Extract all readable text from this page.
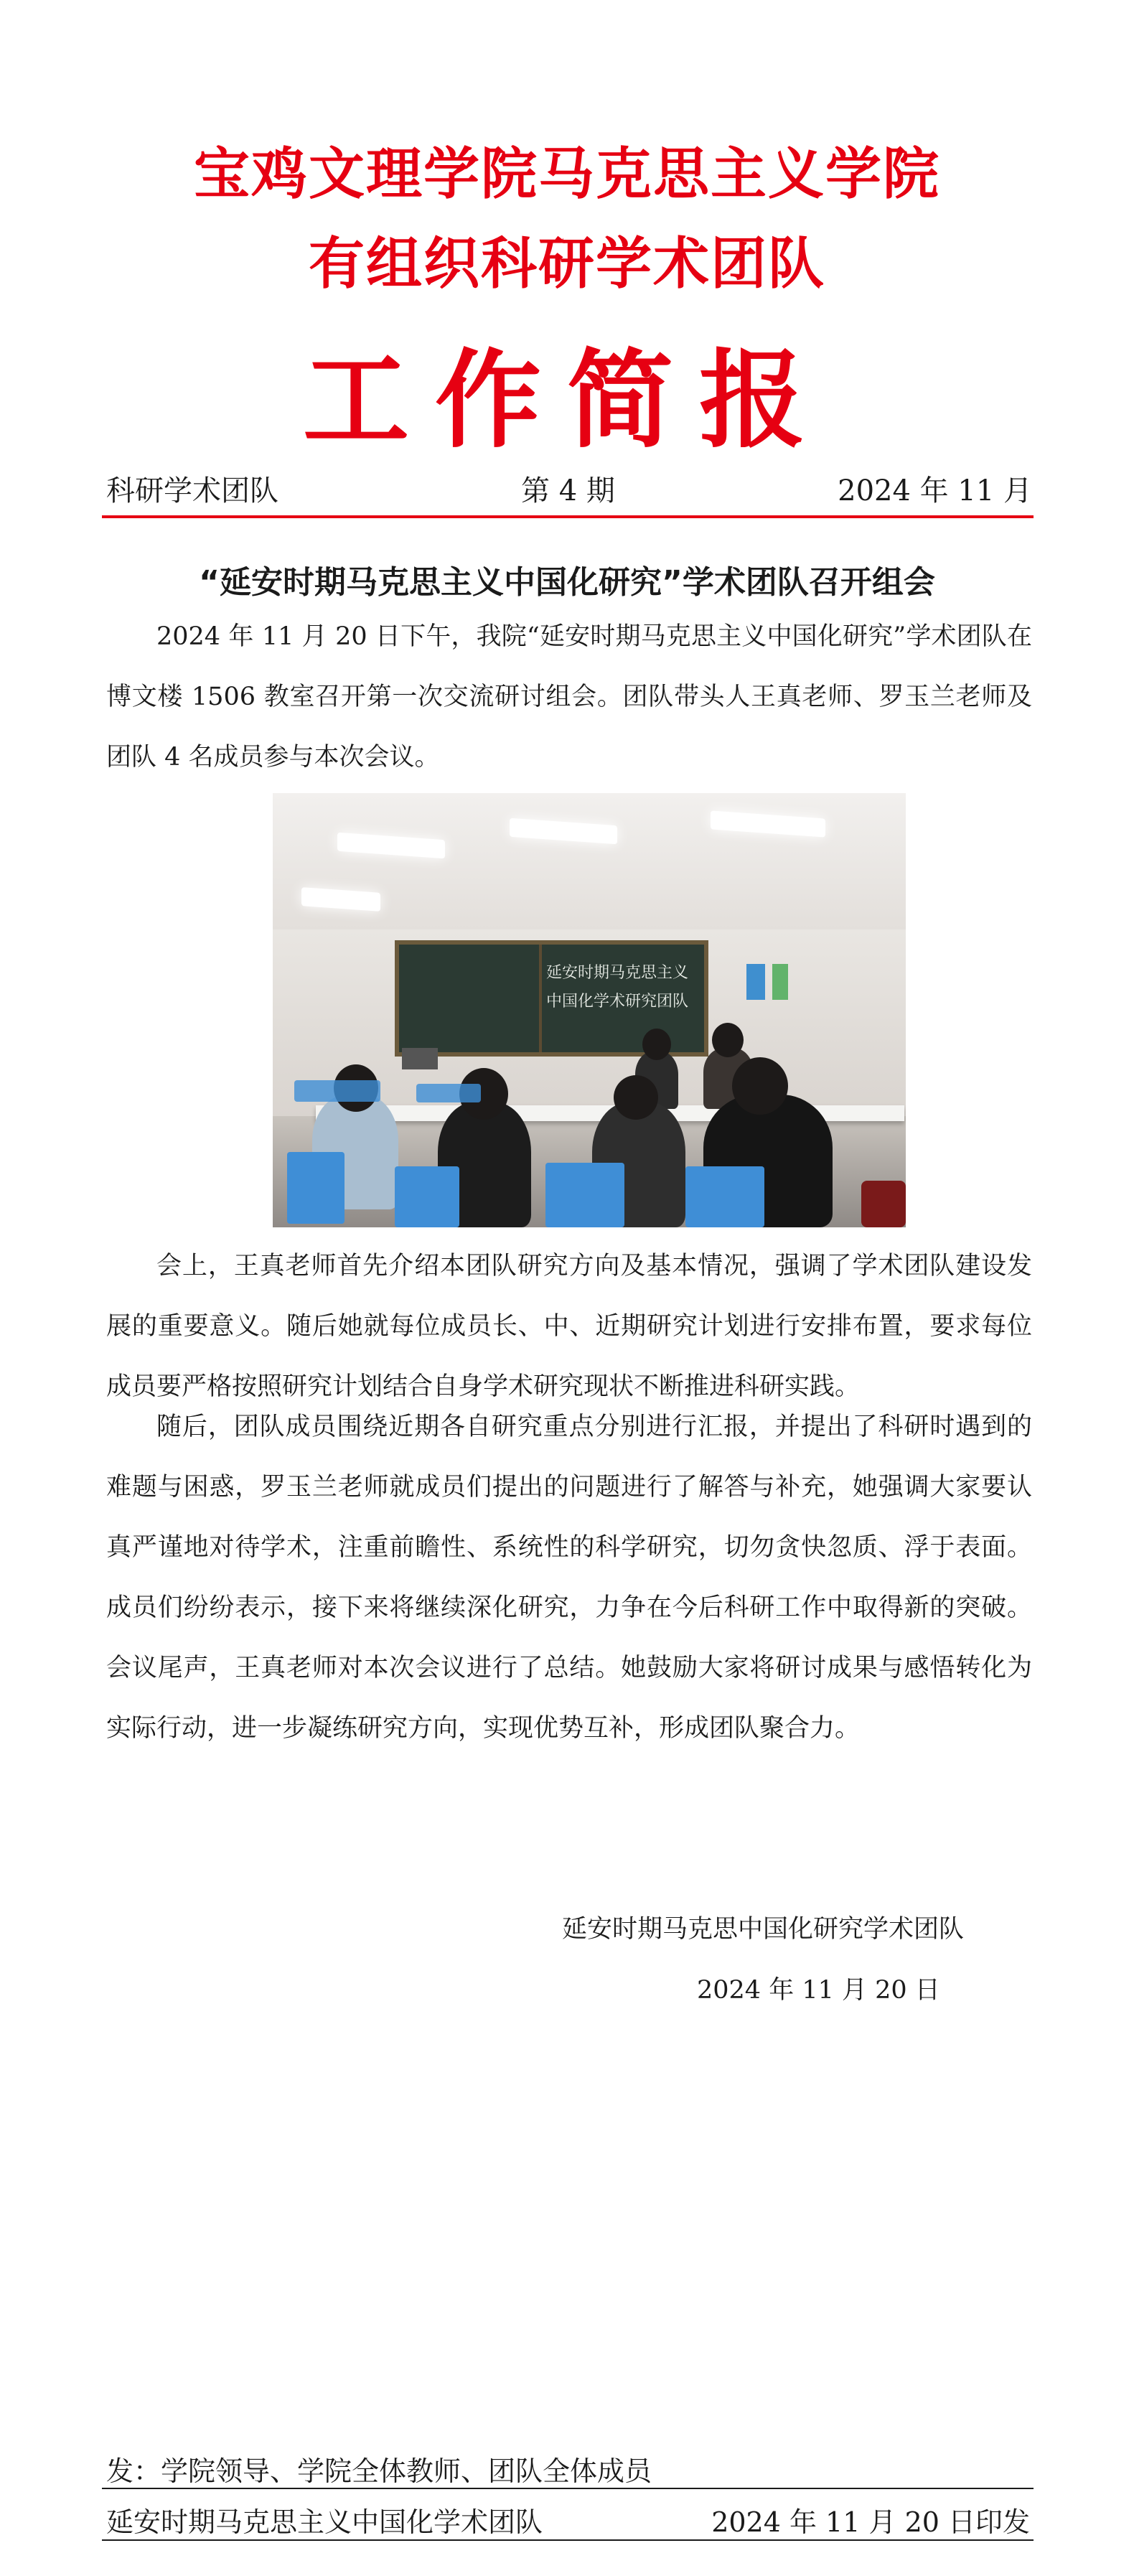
宝鸡文理学院马克思主义学院
有组织科研学术团队
工作简报
科研学术团队	第 4 期	2024 年 11 月
“延安时期马克思主义中国化研究”学术团队召开组会

2024 年 11 月 20 日下午，我院“延安时期马克思主义中国化研究”学术团队在博文楼 1506 教室召开第一次交流研讨组会。团队带头人王真老师、罗玉兰老师及团队 4 名成员参与本次会议。

延安时期马克思主义
中国化学术研究团队

会上，王真老师首先介绍本团队研究方向及基本情况，强调了学术团队建设发展的重要意义。随后她就每位成员长、中、近期研究计划进行安排布置，要求每位成员要严格按照研究计划结合自身学术研究现状不断推进科研实践。

随后，团队成员围绕近期各自研究重点分别进行汇报，并提出了科研时遇到的难题与困惑，罗玉兰老师就成员们提出的问题进行了解答与补充，她强调大家要认真严谨地对待学术，注重前瞻性、系统性的科学研究，切勿贪快忽质、浮于表面。成员们纷纷表示，接下来将继续深化研究，力争在今后科研工作中取得新的突破。会议尾声，王真老师对本次会议进行了总结。她鼓励大家将研讨成果与感悟转化为实际行动，进一步凝练研究方向，实现优势互补，形成团队聚合力。

延安时期马克思中国化研究学术团队
2024 年 11 月 20 日
发：学院领导、学院全体教师、团队全体成员
延安时期马克思主义中国化学术团队	2024 年 11 月 20 日印发
